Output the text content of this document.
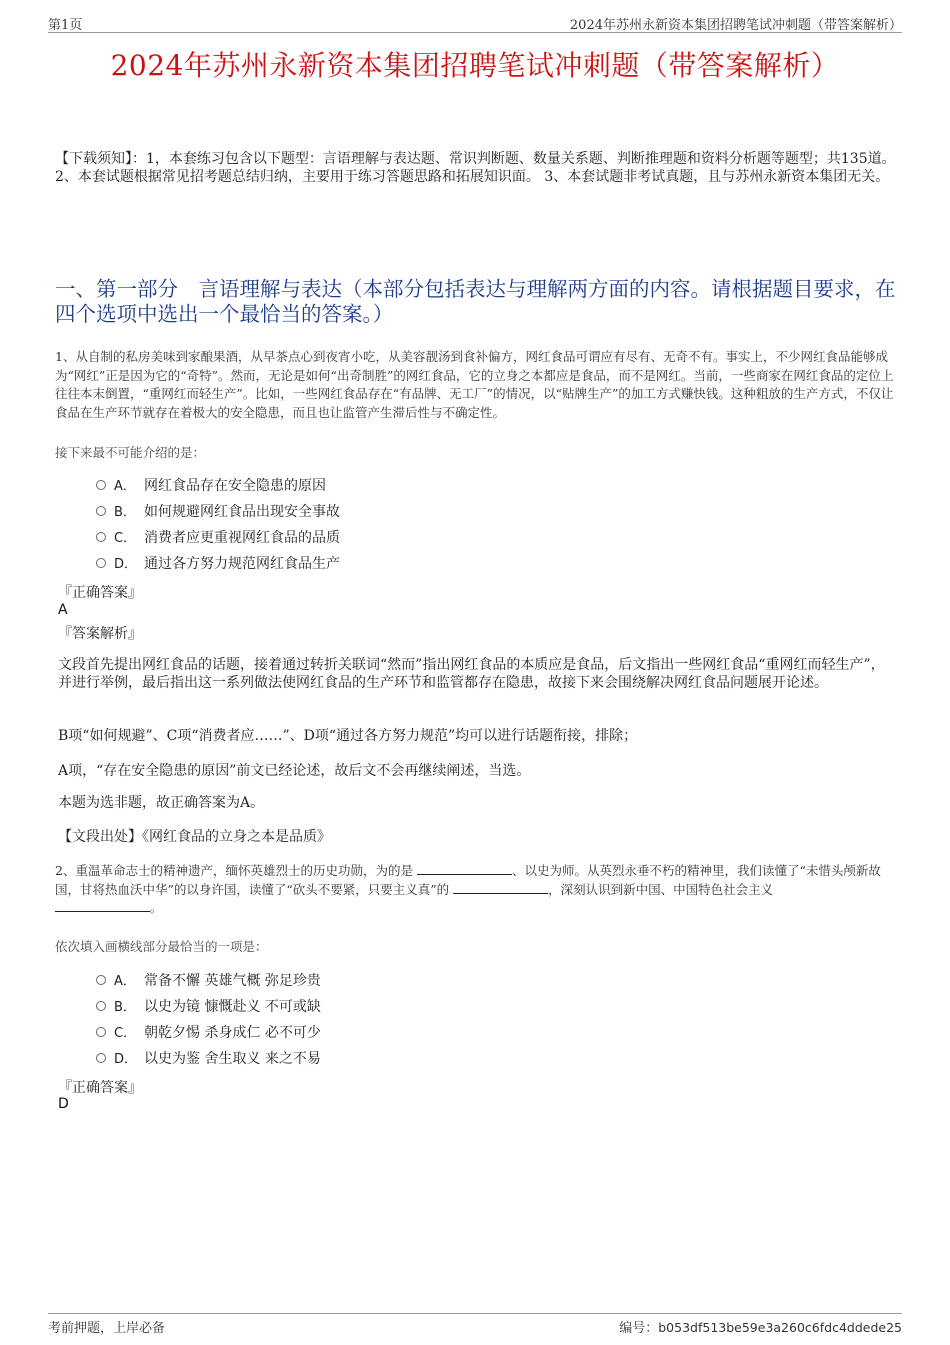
第1页	2024年苏州永新资本集团招聘笔试冲刺题（带答案解析）
2024年苏州永新资本集团招聘笔试冲刺题（带答案解析）
【下载须知】：1，本套练习包含以下题型：言语理解与表达题、常识判断题、数量关系题、判断推理题和资料分析题等题型；共135道。 2、本套试题根据常见招考题总结归纳，主要用于练习答题思路和拓展知识面。 3、本套试题非考试真题，且与苏州永新资本集团无关。
一、第一部分　言语理解与表达（本部分包括表达与理解两方面的内容。请根据题目要求，在四个选项中选出一个最恰当的答案。）
1、从自制的私房美味到家酿果酒，从早茶点心到夜宵小吃，从美容靓汤到食补偏方，网红食品可谓应有尽有、无奇不有。事实上，不少网红食品能够成为“网红”正是因为它的“奇特”。然而，无论是如何“出奇制胜”的网红食品，它的立身之本都应是食品，而不是网红。当前，一些商家在网红食品的定位上往往本末倒置，“重网红而轻生产”。比如，一些网红食品存在“有品牌、无工厂”的情况，以“贴牌生产”的加工方式赚快钱。这种粗放的生产方式，不仅让食品在生产环节就存在着极大的安全隐患，而且也让监管产生滞后性与不确定性。
接下来最不可能介绍的是：
A． 网红食品存在安全隐患的原因
B． 如何规避网红食品出现安全事故
C． 消费者应更重视网红食品的品质
D． 通过各方努力规范网红食品生产
『正确答案』
A
『答案解析』
文段首先提出网红食品的话题，接着通过转折关联词“然而”指出网红食品的本质应是食品，后文指出一些网红食品“重网红而轻生产”，并进行举例，最后指出这一系列做法使网红食品的生产环节和监管都存在隐患，故接下来会围绕解决网红食品问题展开论述。
B项“如何规避”、C项“消费者应……”、D项“通过各方努力规范”均可以进行话题衔接，排除；
A项，“存在安全隐患的原因”前文已经论述，故后文不会再继续阐述，当选。
本题为选非题，故正确答案为A。
【文段出处】《网红食品的立身之本是品质》
2、重温革命志士的精神遗产，缅怀英雄烈士的历史功勋，为的是	、以史为师。从英烈永垂不朽的精神里，我们读懂了“未惜头颅新故国，甘将热血沃中华”的以身许国，读懂了“砍头不要紧，只要主义真”的	，深刻认识到新中国、中国特色社会主义
。
依次填入画横线部分最恰当的一项是：
A． 常备不懈 英雄气概 弥足珍贵
B． 以史为镜 慷慨赴义 不可或缺
C． 朝乾夕惕 杀身成仁 必不可少
D． 以史为鉴 舍生取义 来之不易
『正确答案』
D
考前押题，上岸必备	编号：b053df513be59e3a260c6fdc4ddede25
